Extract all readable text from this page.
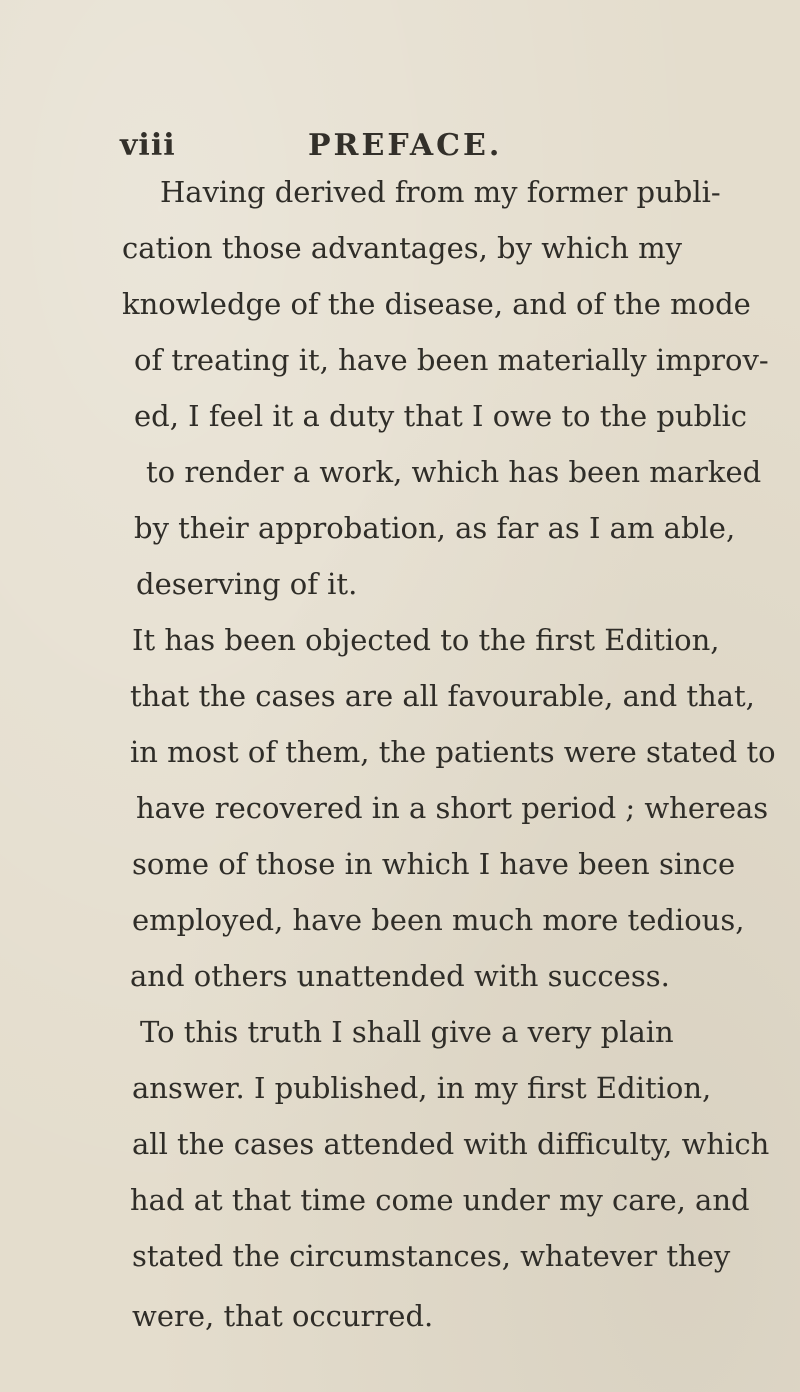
viii	PREFACE.
Having derived from my former publi-
cation those advantages, by which my
knowledge of the disease, and of the mode
of treating it, have been materially improv-
ed, I feel it a duty that I owe to the public
to render a work, which has been marked
by their approbation, as far as I am able,
deserving of it.
It has been objected to the first Edition,
that the cases are all favourable, and that,
in most of them, the patients were stated to
have recovered in a short period ; whereas
some of those in which I have been since
employed, have been much more tedious,
and others unattended with success.
To this truth I shall give a very plain
answer. I published, in my first Edition,
all the cases attended with difficulty, which
had at that time come under my care, and
stated the circumstances, whatever they
were, that occurred.
